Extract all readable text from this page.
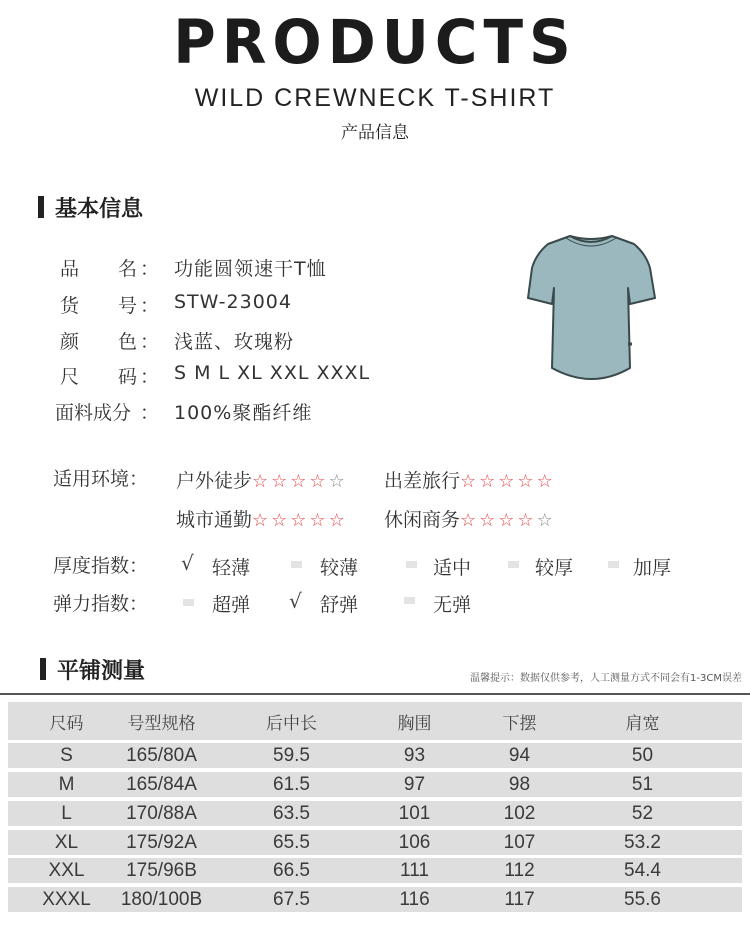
PRODUCTS
WILD CREWNECK T-SHIRT
产品信息
基本信息
品 名 ： 功能圆领速干T恤
货 号 ： STW-23004
颜 色 ： 浅蓝、玫瑰粉
尺 码 ： S M L XL XXL XXXL
面料成分 ： 100%聚酯纤维
适用环境： 户外徒步☆☆☆☆☆ 出差旅行☆☆☆☆☆
城市通勤☆☆☆☆☆ 休闲商务☆☆☆☆☆
厚度指数： √ 轻薄	较薄	适中	较厚	加厚
弹力指数：	超弹 √ 舒弹	无弹
平铺测量	温馨提示：数据仅供参考，人工测量方式不同会有1-3CM误差
尺码	号型规格	后中长	胸围	下摆	肩宽
S	165/80A	59.5	93	94	50
M	165/84A	61.5	97	98	51
L	170/88A	63.5	101	102	52
XL	175/92A	65.5	106	107	53.2
XXL	175/96B	66.5	111	112	54.4
XXXL	180/100B	67.5	116	117	55.6
